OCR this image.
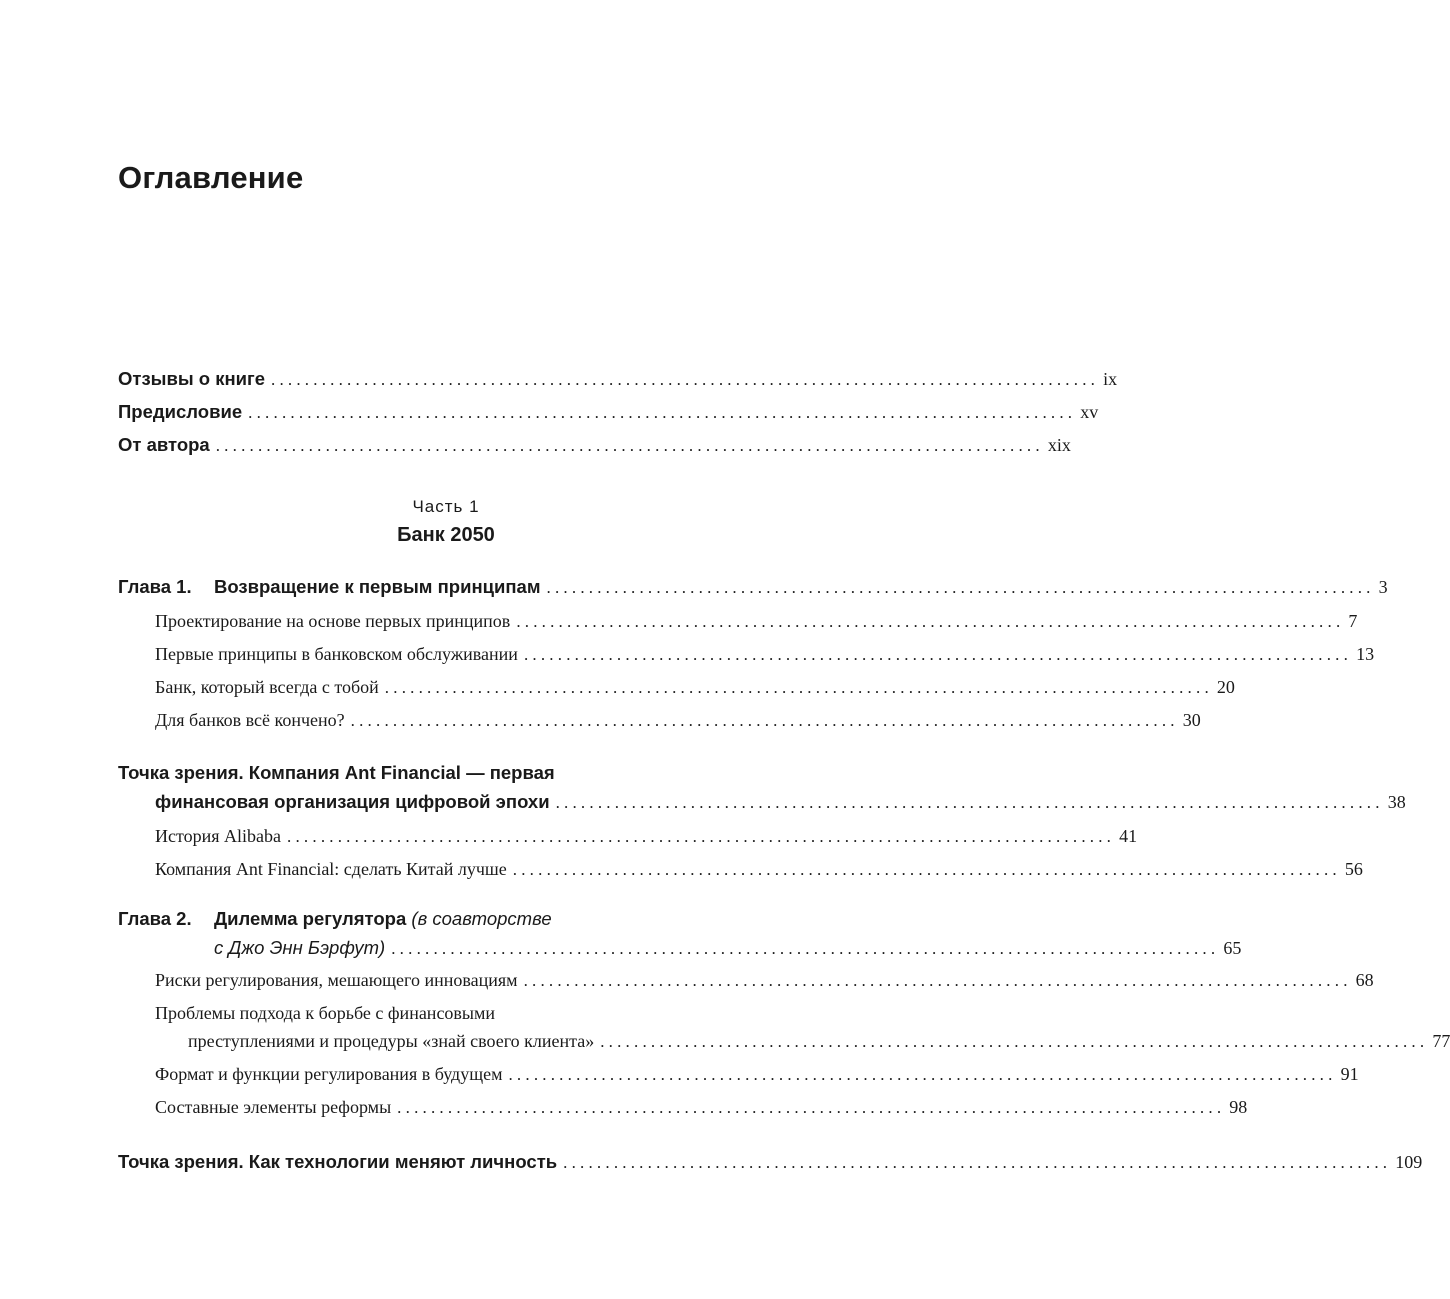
Оглавление
Отзывы о книге .................................................................................................. ix
Предисловие .................................................................................................. xv
От автора .................................................................................................. xix
Часть 1
Банк 2050
Глава 1. Возвращение к первым принципам .................................................................................................. 3
Проектирование на основе первых принципов .................................................................................................. 7
Первые принципы в банковском обслуживании .................................................................................................. 13
Банк, который всегда с тобой .................................................................................................. 20
Для банков всё кончено? .................................................................................................. 30
Точка зрения. Компания Ant Financial — первая
финансовая организация цифровой эпохи .................................................................................................. 38
История Alibaba .................................................................................................. 41
Компания Ant Financial: сделать Китай лучше .................................................................................................. 56
Глава 2. Дилемма регулятора (в соавторстве
с Джо Энн Бэрфут) .................................................................................................. 65
Риски регулирования, мешающего инновациям .................................................................................................. 68
Проблемы подхода к борьбе с финансовыми
преступлениями и процедуры «знай своего клиента» .................................................................................................. 77
Формат и функции регулирования в будущем .................................................................................................. 91
Составные элементы реформы .................................................................................................. 98
Точка зрения. Как технологии меняют личность .................................................................................................. 109
